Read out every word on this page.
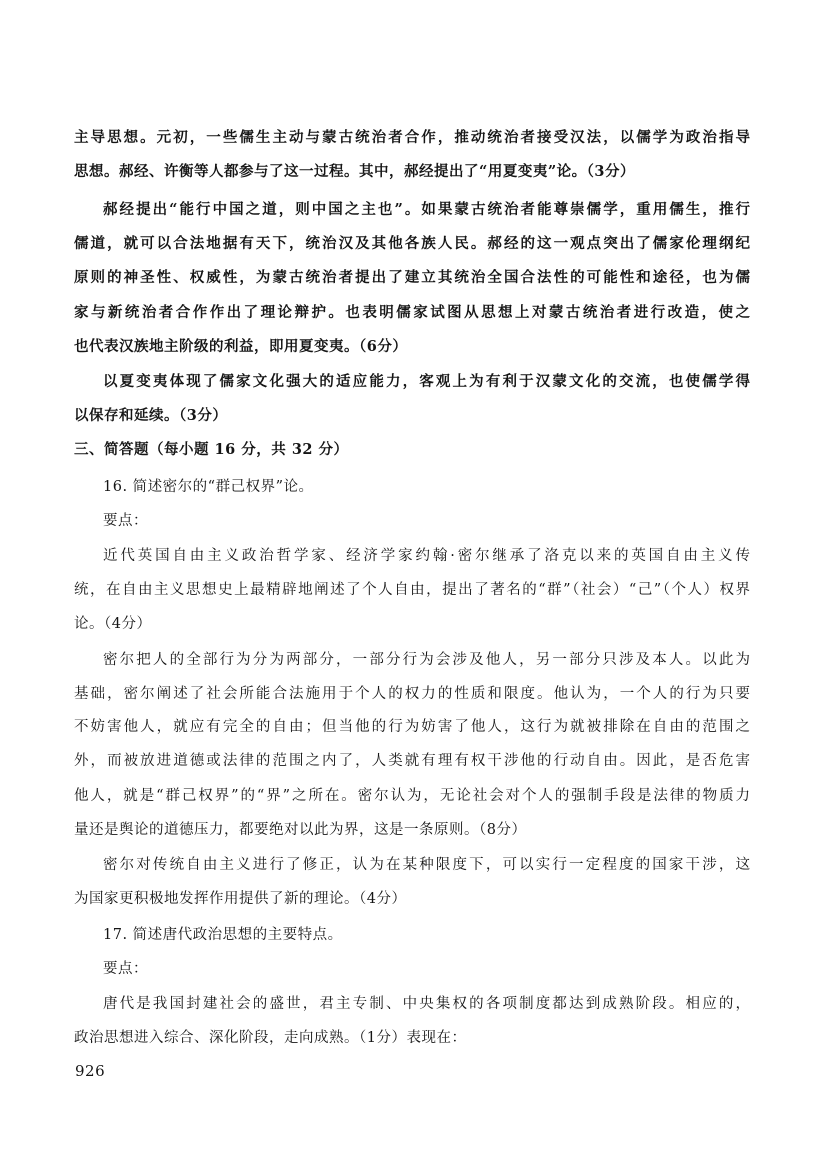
主导思想。元初，一些儒生主动与蒙古统治者合作，推动统治者接受汉法，以儒学为政治指导
思想。郝经、许衡等人都参与了这一过程。其中，郝经提出了“用夏变夷”论。（3分）
郝经提出“能行中国之道，则中国之主也”。如果蒙古统治者能尊崇儒学，重用儒生，推行
儒道，就可以合法地据有天下，统治汉及其他各族人民。郝经的这一观点突出了儒家伦理纲纪
原则的神圣性、权威性，为蒙古统治者提出了建立其统治全国合法性的可能性和途径，也为儒
家与新统治者合作作出了理论辩护。也表明儒家试图从思想上对蒙古统治者进行改造，使之
也代表汉族地主阶级的利益，即用夏变夷。（6分）
以夏变夷体现了儒家文化强大的适应能力，客观上为有利于汉蒙文化的交流，也使儒学得
以保存和延续。（3分）
三、简答题（每小题 16 分，共 32 分）
16. 简述密尔的“群己权界”论。
要点：
近代英国自由主义政治哲学家、经济学家约翰·密尔继承了洛克以来的英国自由主义传
统，在自由主义思想史上最精辟地阐述了个人自由，提出了著名的“群”（社会）“己”（个人）权界
论。（4分）
密尔把人的全部行为分为两部分，一部分行为会涉及他人，另一部分只涉及本人。以此为
基础，密尔阐述了社会所能合法施用于个人的权力的性质和限度。他认为，一个人的行为只要
不妨害他人，就应有完全的自由；但当他的行为妨害了他人，这行为就被排除在自由的范围之
外，而被放进道德或法律的范围之内了，人类就有理有权干涉他的行动自由。因此，是否危害
他人，就是“群己权界”的“界”之所在。密尔认为，无论社会对个人的强制手段是法律的物质力
量还是舆论的道德压力，都要绝对以此为界，这是一条原则。（8分）
密尔对传统自由主义进行了修正，认为在某种限度下，可以实行一定程度的国家干涉，这
为国家更积极地发挥作用提供了新的理论。（4分）
17. 简述唐代政治思想的主要特点。
要点：
唐代是我国封建社会的盛世，君主专制、中央集权的各项制度都达到成熟阶段。相应的，
政治思想进入综合、深化阶段，走向成熟。（1分）表现在：
926
